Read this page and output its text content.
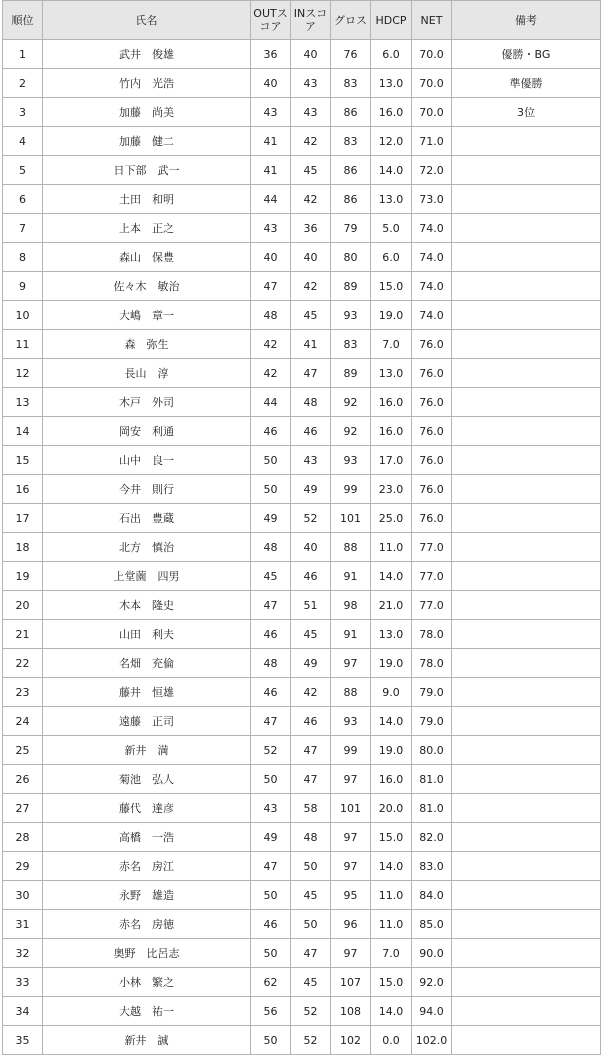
順位	氏名	OUTスコア	INスコア	グロス	HDCP	NET	備考
1	武井　俊雄	36	40	76	6.0	70.0	優勝・BG
2	竹内　光浩	40	43	83	13.0	70.0	準優勝
3	加藤　尚美	43	43	86	16.0	70.0	3位
4	加藤　健二	41	42	83	12.0	71.0	
5	日下部　武一	41	45	86	14.0	72.0	
6	土田　和明	44	42	86	13.0	73.0	
7	上本　正之	43	36	79	5.0	74.0	
8	森山　保豊	40	40	80	6.0	74.0	
9	佐々木　敏治	47	42	89	15.0	74.0	
10	大嶋　章一	48	45	93	19.0	74.0	
11	森　弥生	42	41	83	7.0	76.0	
12	長山　淳	42	47	89	13.0	76.0	
13	木戸　外司	44	48	92	16.0	76.0	
14	岡安　利通	46	46	92	16.0	76.0	
15	山中　良一	50	43	93	17.0	76.0	
16	今井　則行	50	49	99	23.0	76.0	
17	石出　豊蔵	49	52	101	25.0	76.0	
18	北方　慎治	48	40	88	11.0	77.0	
19	上堂薗　四男	45	46	91	14.0	77.0	
20	木本　隆史	47	51	98	21.0	77.0	
21	山田　利夫	46	45	91	13.0	78.0	
22	名畑　充倫	48	49	97	19.0	78.0	
23	藤井　恒雄	46	42	88	9.0	79.0	
24	遠藤　正司	47	46	93	14.0	79.0	
25	新井　満	52	47	99	19.0	80.0	
26	菊池　弘人	50	47	97	16.0	81.0	
27	藤代　達彦	43	58	101	20.0	81.0	
28	高橋　一浩	49	48	97	15.0	82.0	
29	赤名　房江	47	50	97	14.0	83.0	
30	永野　雄造	50	45	95	11.0	84.0	
31	赤名　房徳	46	50	96	11.0	85.0	
32	奥野　比呂志	50	47	97	7.0	90.0	
33	小林　繁之	62	45	107	15.0	92.0	
34	大越　祐一	56	52	108	14.0	94.0	
35	新井　誠	50	52	102	0.0	102.0	
